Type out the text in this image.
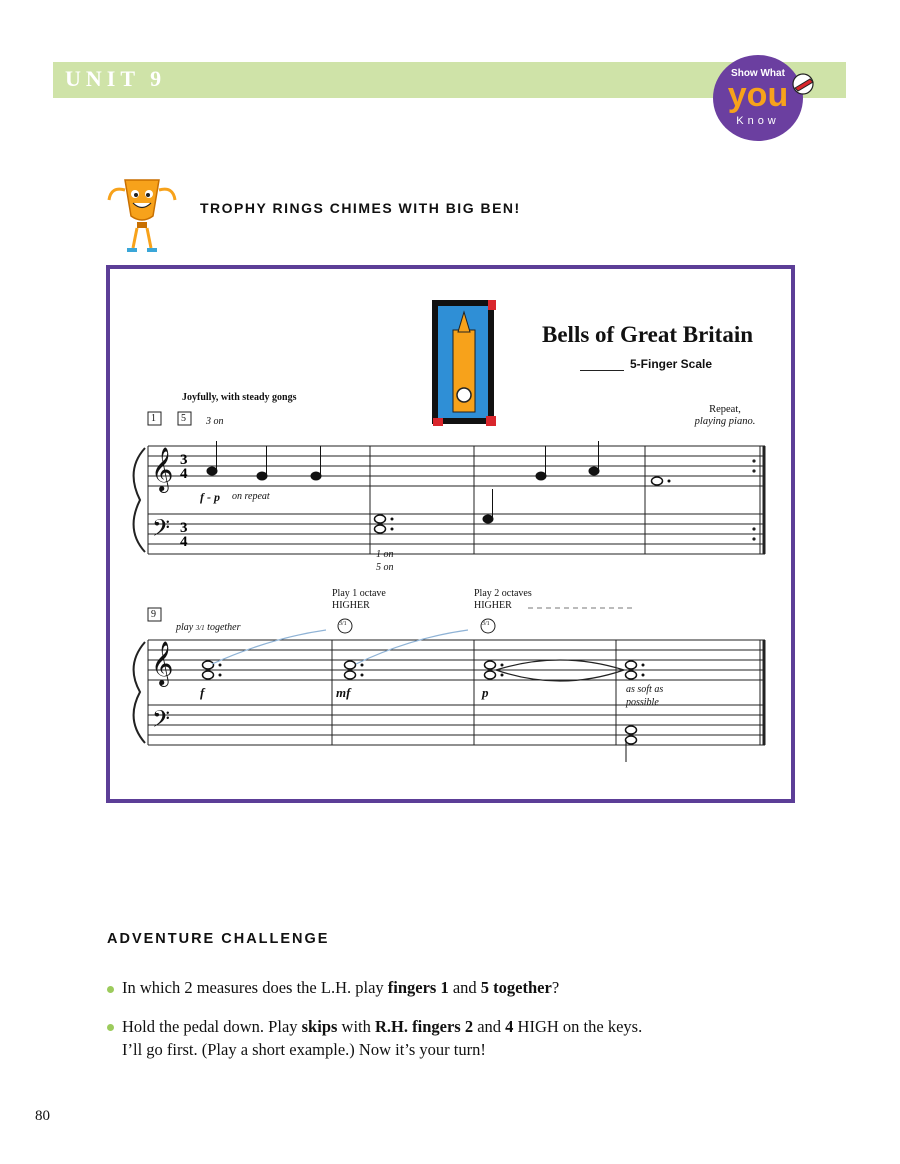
UNIT 9	Show What
you
Know
TROPHY RINGS CHIMES WITH BIG BEN!
𝄞
𝄢
3
4
3
4
𝄞
𝄢
Bells of Great Britain
5-Finger Scale
Joyfully, with steady gongs
Repeat,
playing piano.
1	5 3 on
f - p on repeat
1 on
5 on
9
play 3/1 together
Play 1 octave
HIGHER
Play 2 octaves
HIGHER
3/1	3/1
f	mf	p	as soft as
possible
ADVENTURE CHALLENGE
In which 2 measures does the L.H. play fingers 1 and 5 together?
Hold the pedal down. Play skips with R.H. fingers 2 and 4 HIGH on the keys.
I’ll go first. (Play a short example.) Now it’s your turn!
80
